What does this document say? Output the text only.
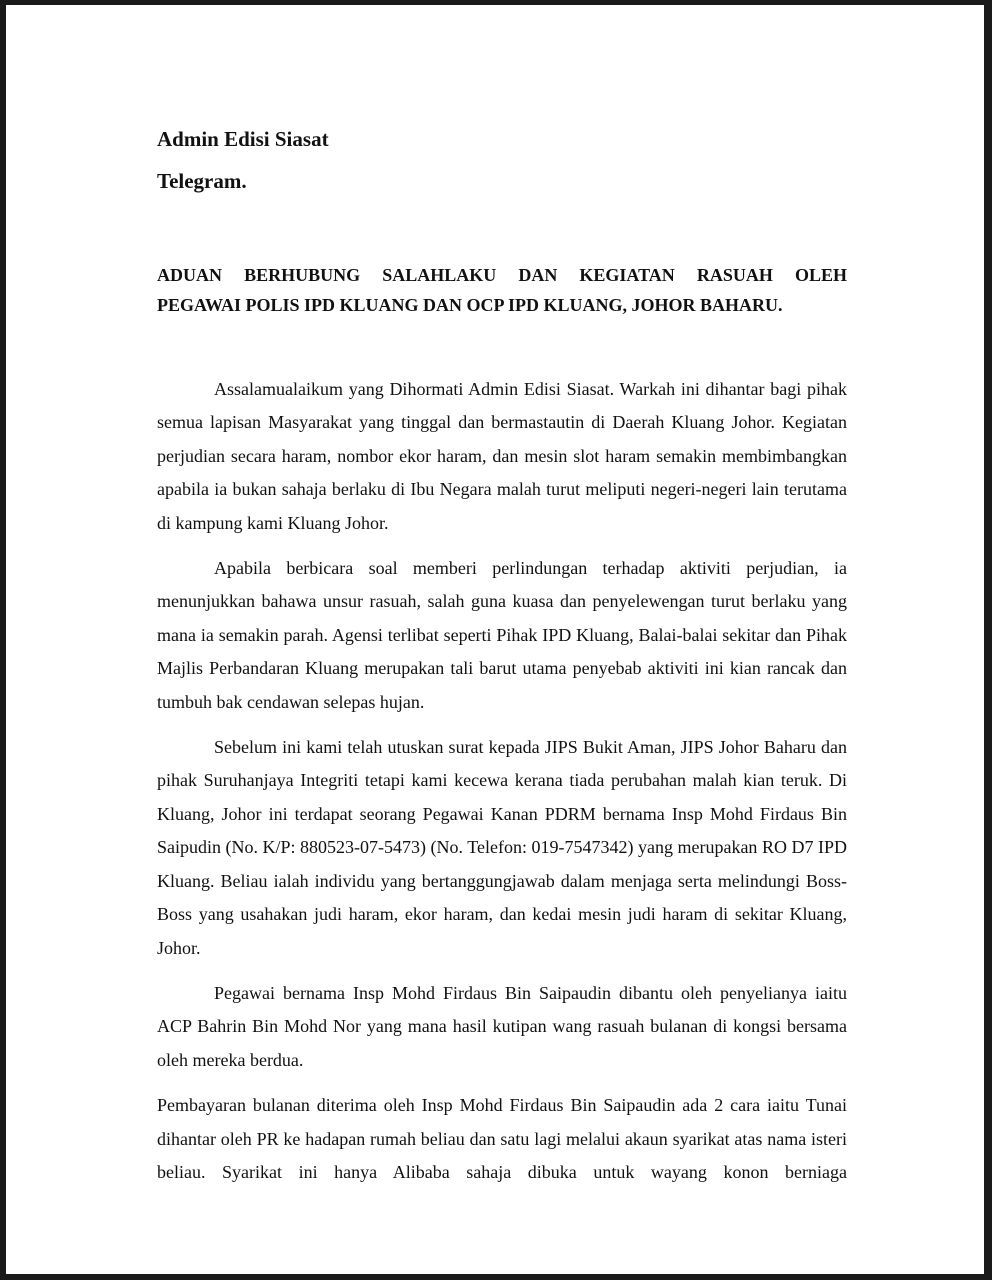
Admin Edisi Siasat

Telegram.

ADUAN BERHUBUNG SALAHLAKU DAN KEGIATAN RASUAH OLEH
PEGAWAI POLIS IPD KLUANG DAN OCP IPD KLUANG, JOHOR BAHARU.

Assalamualaikum yang Dihormati Admin Edisi Siasat. Warkah ini dihantar bagi pihak semua lapisan Masyarakat yang tinggal dan bermastautin di Daerah Kluang Johor. Kegiatan perjudian secara haram, nombor ekor haram, dan mesin slot haram semakin membimbangkan apabila ia bukan sahaja berlaku di Ibu Negara malah turut meliputi negeri-negeri lain terutama di kampung kami Kluang Johor.

Apabila berbicara soal memberi perlindungan terhadap aktiviti perjudian, ia menunjukkan bahawa unsur rasuah, salah guna kuasa dan penyelewengan turut berlaku yang mana ia semakin parah. Agensi terlibat seperti Pihak IPD Kluang, Balai-balai sekitar dan Pihak Majlis Perbandaran Kluang merupakan tali barut utama penyebab aktiviti ini kian rancak dan tumbuh bak cendawan selepas hujan.

Sebelum ini kami telah utuskan surat kepada JIPS Bukit Aman, JIPS Johor Baharu dan pihak Suruhanjaya Integriti tetapi kami kecewa kerana tiada perubahan malah kian teruk. Di Kluang, Johor ini terdapat seorang Pegawai Kanan PDRM bernama Insp Mohd Firdaus Bin Saipudin (No. K/P: 880523-07-5473) (No. Telefon: 019-7547342) yang merupakan RO D7 IPD Kluang. Beliau ialah individu yang bertanggungjawab dalam menjaga serta melindungi Boss-Boss yang usahakan judi haram, ekor haram, dan kedai mesin judi haram di sekitar Kluang, Johor.

Pegawai bernama Insp Mohd Firdaus Bin Saipaudin dibantu oleh penyelianya iaitu ACP Bahrin Bin Mohd Nor yang mana hasil kutipan wang rasuah bulanan di kongsi bersama oleh mereka berdua.

Pembayaran bulanan diterima oleh Insp Mohd Firdaus Bin Saipaudin ada 2 cara iaitu Tunai dihantar oleh PR ke hadapan rumah beliau dan satu lagi melalui akaun syarikat atas nama isteri beliau. Syarikat ini hanya Alibaba sahaja dibuka untuk wayang konon berniaga
